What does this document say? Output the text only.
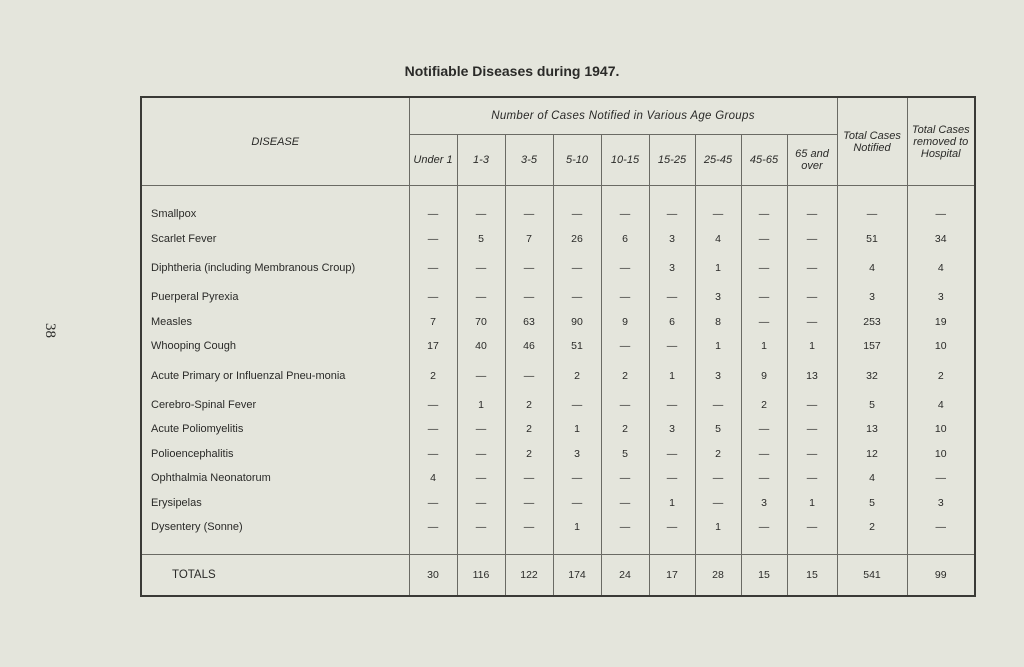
38
Notifiable Diseases during 1947.
DISEASE	Number of Cases Notified in Various Age Groups									Total Cases Notified	Total Cases removed to Hospital
	Under 1	1-3	3-5	5-10	10-15	15-25	25-45	45-65	65 and over		

Smallpox	—	—	—	—	—	—	—	—	—	—	—
Scarlet Fever	—	5	7	26	6	3	4	—	—	51	34
Diphtheria (including Membranous Croup)	—	—	—	—	—	3	1	—	—	4	4
Puerperal Pyrexia	—	—	—	—	—	—	3	—	—	3	3
Measles	7	70	63	90	9	6	8	—	—	253	19
Whooping Cough	17	40	46	51	—	—	1	1	1	157	10
Acute Primary or Influenzal Pneu-monia	2	—	—	2	2	1	3	9	13	32	2
Cerebro-Spinal Fever	—	1	2	—	—	—	—	2	—	5	4
Acute Poliomyelitis	—	—	2	1	2	3	5	—	—	13	10
Polioencephalitis	—	—	2	3	5	—	2	—	—	12	10
Ophthalmia Neonatorum	4	—	—	—	—	—	—	—	—	4	—
Erysipelas	—	—	—	—	—	1	—	3	1	5	3
Dysentery (Sonne)	—	—	—	1	—	—	1	—	—	2	—

TOTALS	30	116	122	174	24	17	28	15	15	541	99
